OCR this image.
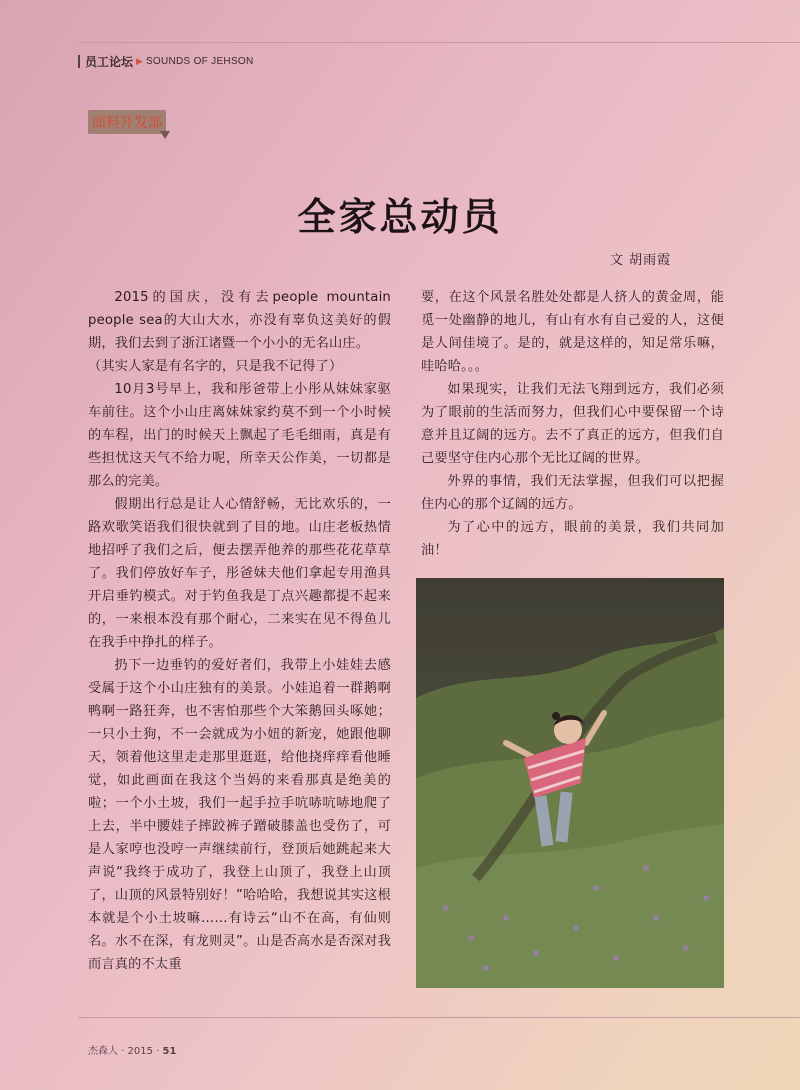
员工论坛 ▶ SOUNDS OF JEHSON
面料开发部
全家总动员
文 胡雨霞

2015的国庆，没有去people mountain people sea的大山大水，亦没有辜负这美好的假期，我们去到了浙江诸暨一个小小的无名山庄。

（其实人家是有名字的，只是我不记得了）

10月3号早上，我和彤爸带上小彤从妹妹家驱车前往。这个小山庄离妹妹家约莫不到一个小时候的车程，出门的时候天上飘起了毛毛细雨，真是有些担忧这天气不给力呢，所幸天公作美，一切都是那么的完美。

假期出行总是让人心情舒畅，无比欢乐的，一路欢歌笑语我们很快就到了目的地。山庄老板热情地招呼了我们之后，便去摆弄他养的那些花花草草了。我们停放好车子，彤爸妹夫他们拿起专用渔具开启垂钓模式。对于钓鱼我是丁点兴趣都提不起来的，一来根本没有那个耐心，二来实在见不得鱼儿在我手中挣扎的样子。

扔下一边垂钓的爱好者们，我带上小娃娃去感受属于这个小山庄独有的美景。小娃追着一群鹅啊鸭啊一路狂奔，也不害怕那些个大笨鹅回头啄她；一只小土狗，不一会就成为小妞的新宠，她跟他聊天，领着他这里走走那里逛逛，给他挠痒痒看他睡觉，如此画面在我这个当妈的来看那真是绝美的啦；一个小土坡，我们一起手拉手吭哧吭哧地爬了上去，半中腰娃子摔跤裤子蹭破膝盖也受伤了，可是人家哼也没哼一声继续前行，登顶后她跳起来大声说“我终于成功了，我登上山顶了，我登上山顶了，山顶的风景特别好！”哈哈哈，我想说其实这根本就是个小土坡嘛……有诗云“山不在高，有仙则名。水不在深，有龙则灵”。山是否高水是否深对我而言真的不太重

要，在这个风景名胜处处都是人挤人的黄金周，能觅一处幽静的地儿，有山有水有自己爱的人，这便是人间佳境了。是的，就是这样的，知足常乐嘛，哇哈哈。。。

如果现实，让我们无法飞翔到远方，我们必须为了眼前的生活而努力，但我们心中要保留一个诗意并且辽阔的远方。去不了真正的远方，但我们自己要坚守住内心那个无比辽阔的世界。

外界的事情，我们无法掌握，但我们可以把握住内心的那个辽阔的远方。

为了心中的远方，眼前的美景，我们共同加油！

杰森人 · 2015 · 51
